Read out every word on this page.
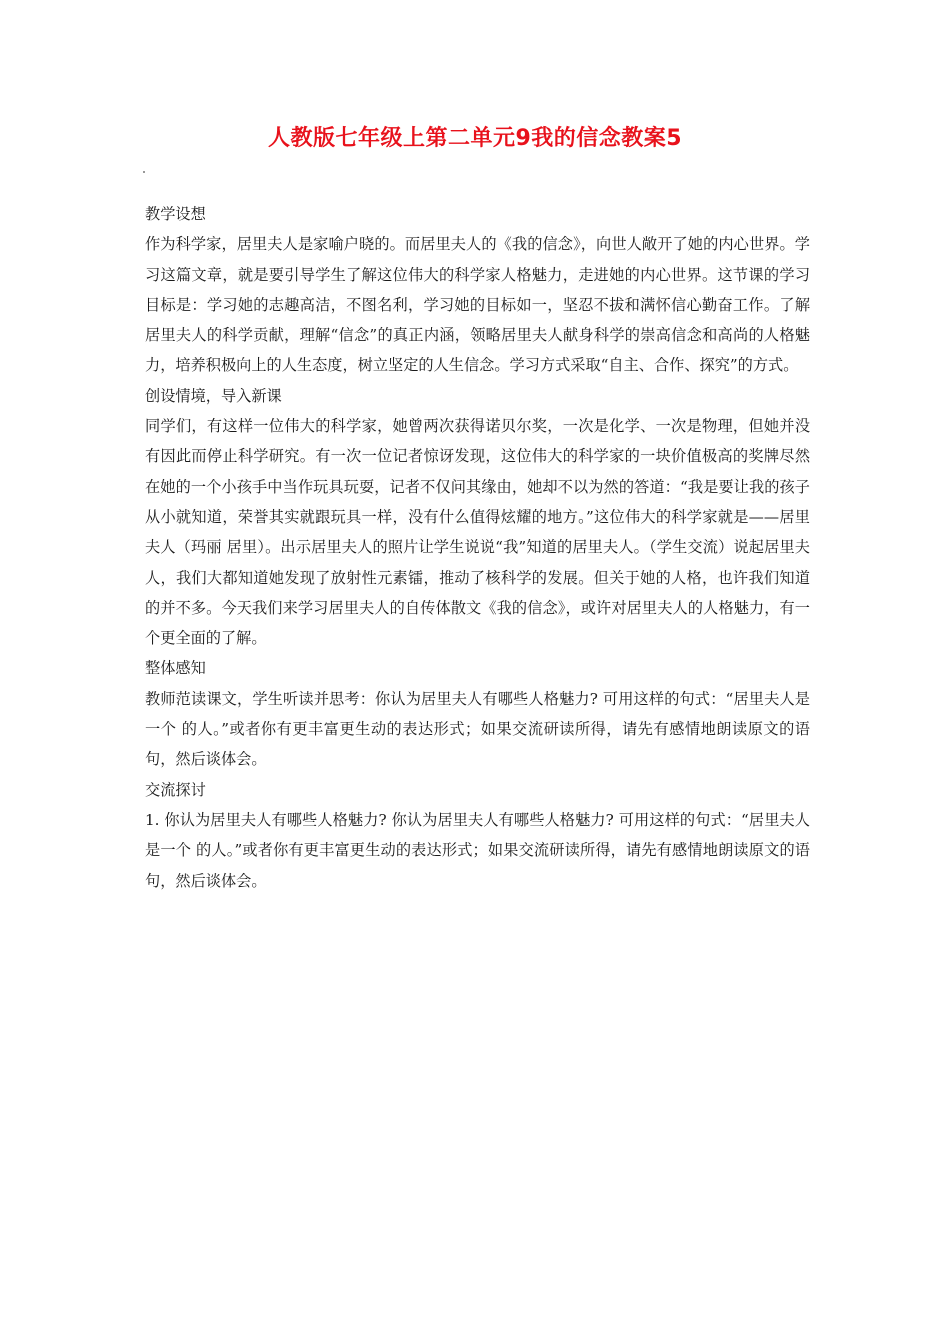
人教版七年级上第二单元9我的信念教案5

教学设想

作为科学家，居里夫人是家喻户晓的。而居里夫人的《我的信念》，向世人敞开了她的内心世界。学习这篇文章，就是要引导学生了解这位伟大的科学家人格魅力，走进她的内心世界。这节课的学习目标是：学习她的志趣高洁，不图名利，学习她的目标如一，坚忍不拔和满怀信心勤奋工作。了解居里夫人的科学贡献，理解“信念”的真正内涵，领略居里夫人献身科学的崇高信念和高尚的人格魅力，培养积极向上的人生态度，树立坚定的人生信念。学习方式采取“自主、合作、探究”的方式。

创设情境，导入新课

同学们，有这样一位伟大的科学家，她曾两次获得诺贝尔奖，一次是化学、一次是物理，但她并没有因此而停止科学研究。有一次一位记者惊讶发现，这位伟大的科学家的一块价值极高的奖牌尽然在她的一个小孩手中当作玩具玩耍，记者不仅问其缘由，她却不以为然的答道：“我是要让我的孩子从小就知道，荣誉其实就跟玩具一样，没有什么值得炫耀的地方。”这位伟大的科学家就是——居里夫人（玛丽 居里）。出示居里夫人的照片让学生说说“我”知道的居里夫人。（学生交流）说起居里夫人，我们大都知道她发现了放射性元素镭，推动了核科学的发展。但关于她的人格，也许我们知道的并不多。今天我们来学习居里夫人的自传体散文《我的信念》，或许对居里夫人的人格魅力，有一个更全面的了解。

整体感知

教师范读课文，学生听读并思考：你认为居里夫人有哪些人格魅力? 可用这样的句式：“居里夫人是一个 的人。”或者你有更丰富更生动的表达形式；如果交流研读所得，请先有感情地朗读原文的语句，然后谈体会。

交流探讨

1. 你认为居里夫人有哪些人格魅力? 你认为居里夫人有哪些人格魅力? 可用这样的句式：“居里夫人是一个 的人。”或者你有更丰富更生动的表达形式；如果交流研读所得，请先有感情地朗读原文的语句，然后谈体会。
